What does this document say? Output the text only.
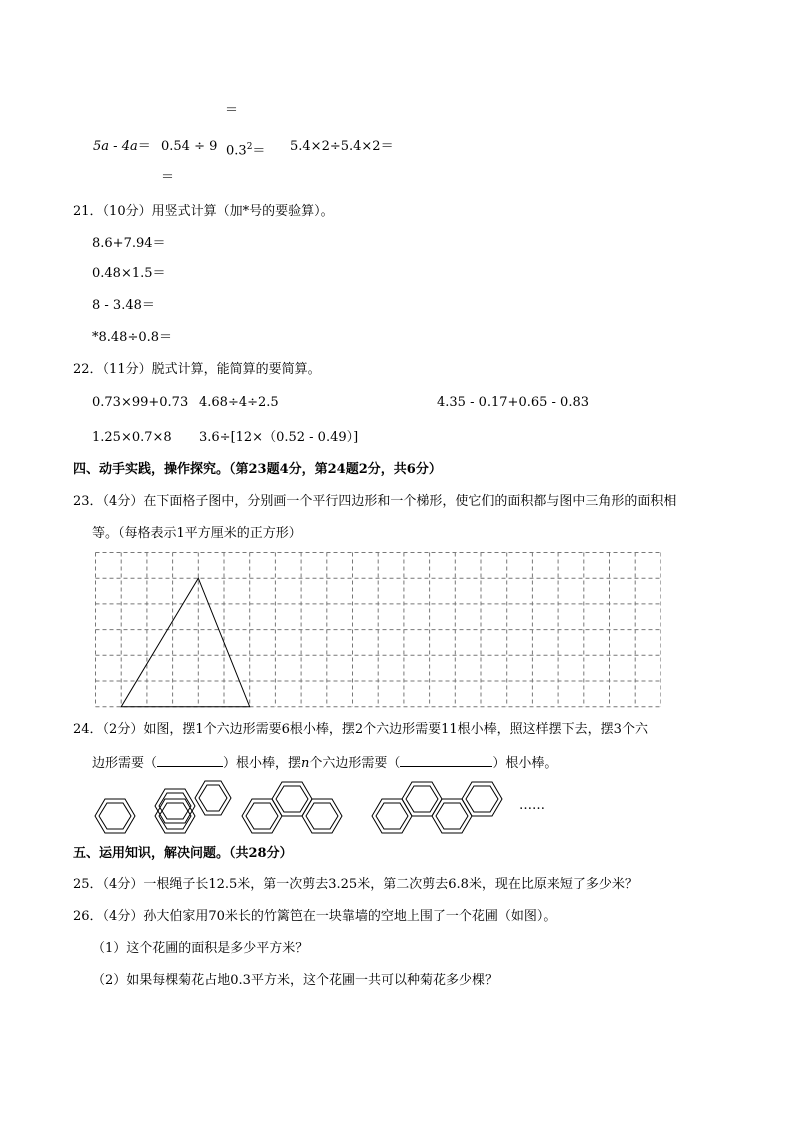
＝
5a - 4a＝ 0.54 ÷ 9 $0.3^2= 5.4\times 2\div 5.4\times 2=$
＝
21．（10分）用竖式计算（加*号的要验算）。
8.6+7.94＝
0.48×1.5＝
8 - 3.48＝
*8.48÷0.8＝
22．（11分）脱式计算，能简算的要简算。
0.73×99+0.73 4.68÷4÷2.5	4.35 - 0.17+0.65 - 0.83
1.25×0.7×8 3.6÷[12×（0.52 - 0.49）]
四、动手实践，操作探究。（第23题4分，第24题2分，共6分）
23．（4分）在下面格子图中，分别画一个平行四边形和一个梯形，使它们的面积都与图中三角形的面积相
等。（每格表示1平方厘米的正方形）
24．（2分）如图，摆1个六边形需要6根小棒，摆2个六边形需要11根小棒，照这样摆下去，摆3个六
边形需要（	）根小棒，摆n个六边形需要（	）根小棒。
……
五、运用知识，解决问题。（共28分）
25．（4分）一根绳子长12.5米，第一次剪去3.25米，第二次剪去6.8米，现在比原来短了多少米？
26．（4分）孙大伯家用70米长的竹篱笆在一块靠墙的空地上围了一个花圃（如图）。
（1）这个花圃的面积是多少平方米？
（2）如果每棵菊花占地0.3平方米，这个花圃一共可以种菊花多少棵？
